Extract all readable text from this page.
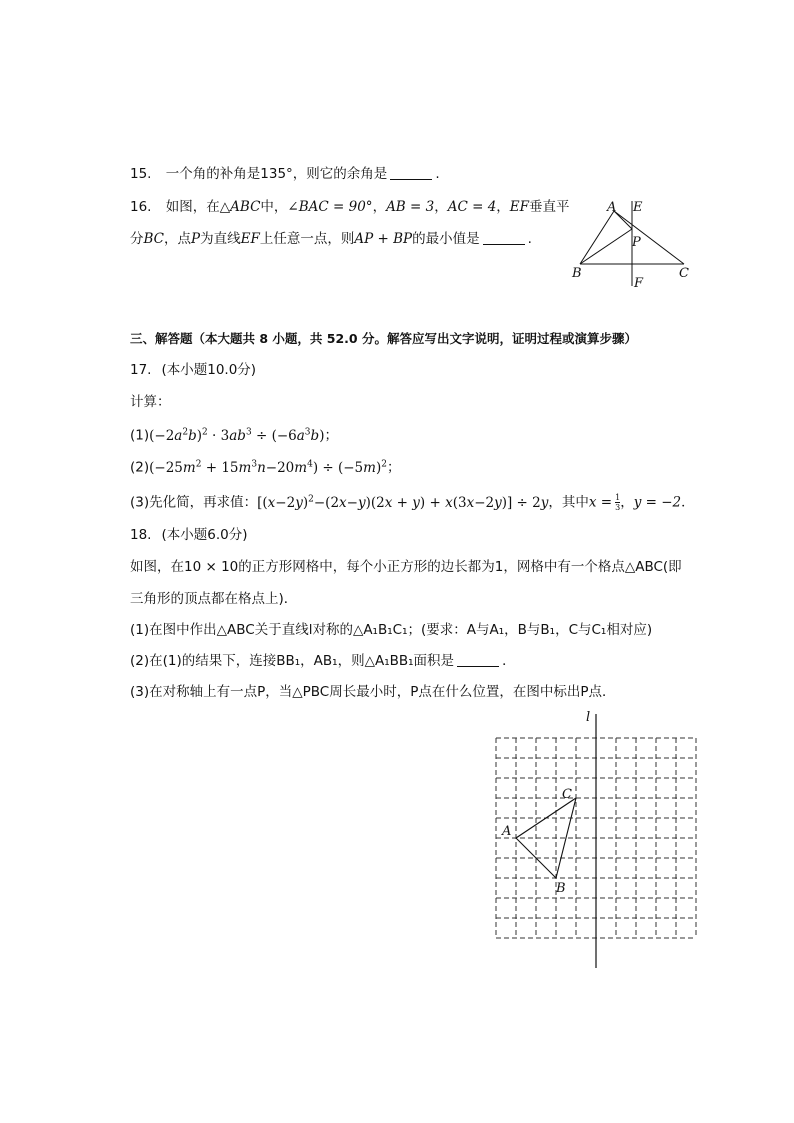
15. 一个角的补角是135°，则它的余角是	.
16. 如图，在△ABC中，∠BAC = 90°，AB = 3，AC = 4，EF垂直平
分BC，点P为直线EF上任意一点，则AP + BP的最小值是	.
A E
P
B	C
F
三、解答题（本大题共 8 小题，共 52.0 分。解答应写出文字说明，证明过程或演算步骤）
17. (本小题10.0分)
计算：
$(1)(-2a^2b)^2 \cdot 3ab^3 \div (-6a^3b)$；
$(2)(-25m^2 + 15m^3n-20m^4) \div (-5m)^2$；
(3)先化简，再求值：$[(x-2y)^2-(2x-y)(2x + y) + x(3x-2y)] \div 2y$，其中$x = \frac{1}{3}$ ，y = −2．
18. (本小题6.0分)
如图，在10 × 10的正方形网格中，每个小正方形的边长都为1，网格中有一个格点△ABC(即
三角形的顶点都在格点上)．
(1)在图中作出△ABC关于直线l对称的△A₁B₁C₁；(要求：A与A₁，B与B₁，C与C₁相对应)
(2)在(1)的结果下，连接BB₁，AB₁，则△A₁BB₁面积是	．
(3)在对称轴上有一点P，当△PBC周长最小时，P点在什么位置，在图中标出P点．
l
A
B
C
